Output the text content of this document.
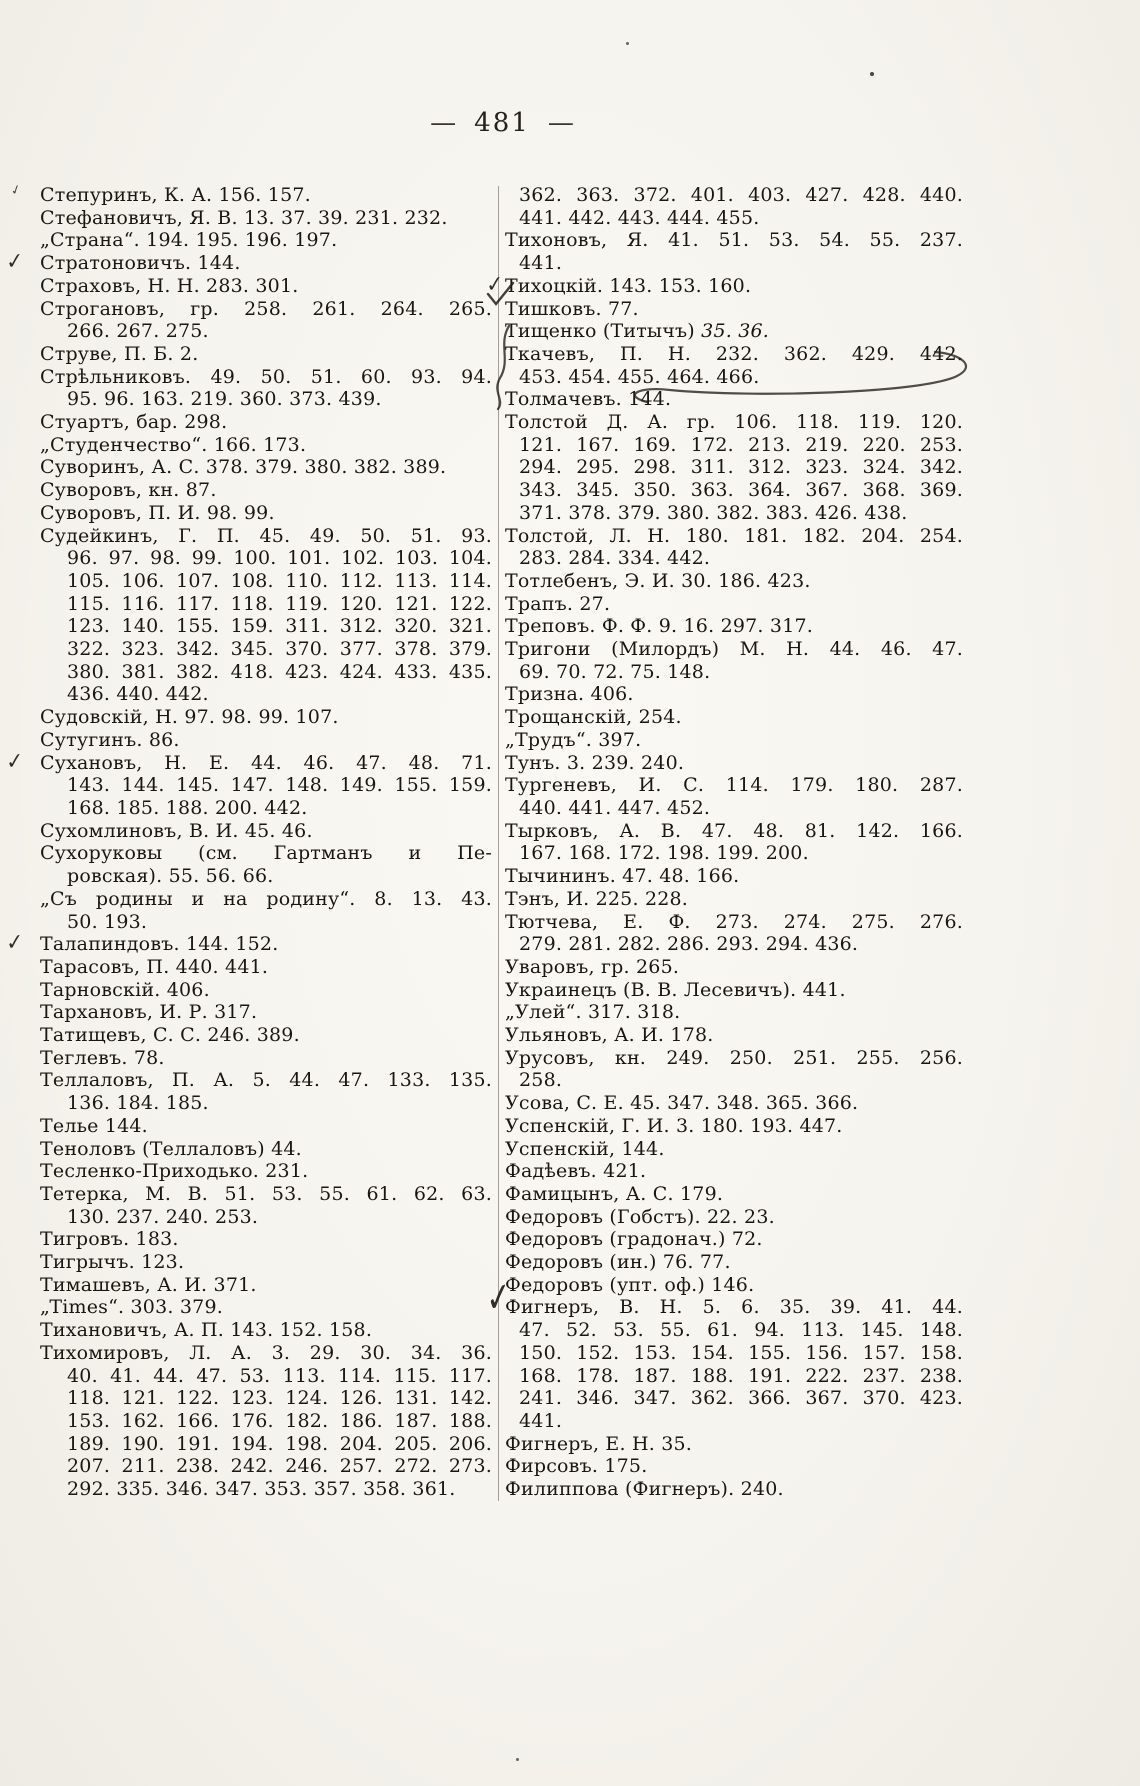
— 481 —
✓ Степуринъ, К. А. 156. 157.
Стефановичъ, Я. В. 13. 37. 39. 231. 232.
„Страна“. 194. 195. 196. 197.
✓ Стратоновичъ. 144.
Страховъ, Н. Н. 283. 301.
Строгановъ, гр. 258. 261. 264. 265.
266. 267. 275.
Струве, П. Б. 2.
Стрѣльниковъ. 49. 50. 51. 60. 93. 94.
95. 96. 163. 219. 360. 373. 439.
Стуартъ, бар. 298.
„Студенчество“. 166. 173.
Суворинъ, А. С. 378. 379. 380. 382. 389.
Суворовъ, кн. 87.
Суворовъ, П. И. 98. 99.
Судейкинъ, Г. П. 45. 49. 50. 51. 93.
96. 97. 98. 99. 100. 101. 102. 103. 104.
105. 106. 107. 108. 110. 112. 113. 114.
115. 116. 117. 118. 119. 120. 121. 122.
123. 140. 155. 159. 311. 312. 320. 321.
322. 323. 342. 345. 370. 377. 378. 379.
380. 381. 382. 418. 423. 424. 433. 435.
436. 440. 442.
Судовскій, Н. 97. 98. 99. 107.
Сутугинъ. 86.
✓ Сухановъ, Н. Е. 44. 46. 47. 48. 71.
143. 144. 145. 147. 148. 149. 155. 159.
168. 185. 188. 200. 442.
Сухомлиновъ, В. И. 45. 46.
Сухоруковы (см. Гартманъ и Пе-
ровская). 55. 56. 66.
„Съ родины и на родину“. 8. 13. 43.
50. 193.
✓ Талапиндовъ. 144. 152.
Тарасовъ, П. 440. 441.
Тарновскій. 406.
Тархановъ, И. Р. 317.
Татищевъ, С. С. 246. 389.
Теглевъ. 78.
Теллаловъ, П. А. 5. 44. 47. 133. 135.
136. 184. 185.
Телье 144.
Теноловъ (Теллаловъ) 44.
Тесленко-Приходько. 231.
Тетерка, М. В. 51. 53. 55. 61. 62. 63.
130. 237. 240. 253.
Тигровъ. 183.
Тигрычъ. 123.
Тимашевъ, А. И. 371.
„Times“. 303. 379.
Тихановичъ, А. П. 143. 152. 158.
Тихомировъ, Л. А. 3. 29. 30. 34. 36.
40. 41. 44. 47. 53. 113. 114. 115. 117.
118. 121. 122. 123. 124. 126. 131. 142.
153. 162. 166. 176. 182. 186. 187. 188.
189. 190. 191. 194. 198. 204. 205. 206.
207. 211. 238. 242. 246. 257. 272. 273.
292. 335. 346. 347. 353. 357. 358. 361.
362. 363. 372. 401. 403. 427. 428. 440.
441. 442. 443. 444. 455.
Тихоновъ, Я. 41. 51. 53. 54. 55. 237.
441.
✓ Тихоцкій. 143. 153. 160.
Тишковъ. 77.
Тищенко (Титычъ) 35. 36.
Ткачевъ, П. Н. 232. 362. 429. 442.
453. 454. 455. 464. 466.
Толмачевъ. 144.
Толстой Д. А. гр. 106. 118. 119. 120.
121. 167. 169. 172. 213. 219. 220. 253.
294. 295. 298. 311. 312. 323. 324. 342.
343. 345. 350. 363. 364. 367. 368. 369.
371. 378. 379. 380. 382. 383. 426. 438.
Толстой, Л. Н. 180. 181. 182. 204. 254.
283. 284. 334. 442.
Тотлебенъ, Э. И. 30. 186. 423.
Трапъ. 27.
Треповъ. Ф. Ф. 9. 16. 297. 317.
Тригони (Милордъ) М. Н. 44. 46. 47.
69. 70. 72. 75. 148.
Тризна. 406.
Трощанскій, 254.
„Трудъ“. 397.
Тунъ. 3. 239. 240.
Тургеневъ, И. С. 114. 179. 180. 287.
440. 441. 447. 452.
Тырковъ, А. В. 47. 48. 81. 142. 166.
167. 168. 172. 198. 199. 200.
Тычининъ. 47. 48. 166.
Тэнъ, И. 225. 228.
Тютчева, Е. Ф. 273. 274. 275. 276.
279. 281. 282. 286. 293. 294. 436.
Уваровъ, гр. 265.
Украинецъ (В. В. Лесевичъ). 441.
„Улей“. 317. 318.
Ульяновъ, А. И. 178.
Урусовъ, кн. 249. 250. 251. 255. 256.
258.
Усова, С. Е. 45. 347. 348. 365. 366.
Успенскій, Г. И. 3. 180. 193. 447.
Успенскій, 144.
Фадѣевъ. 421.
Фамицынъ, А. С. 179.
Федоровъ (Гобстъ). 22. 23.
Федоровъ (градонач.) 72.
Федоровъ (ин.) 76. 77.
Федоровъ (упт. оф.) 146.
✓
Фигнеръ, В. Н. 5. 6. 35. 39. 41. 44.
47. 52. 53. 55. 61. 94. 113. 145. 148.
150. 152. 153. 154. 155. 156. 157. 158.
168. 178. 187. 188. 191. 222. 237. 238.
241. 346. 347. 362. 366. 367. 370. 423.
441.
Фигнеръ, Е. Н. 35.
Фирсовъ. 175.
Филиппова (Фигнеръ). 240.
